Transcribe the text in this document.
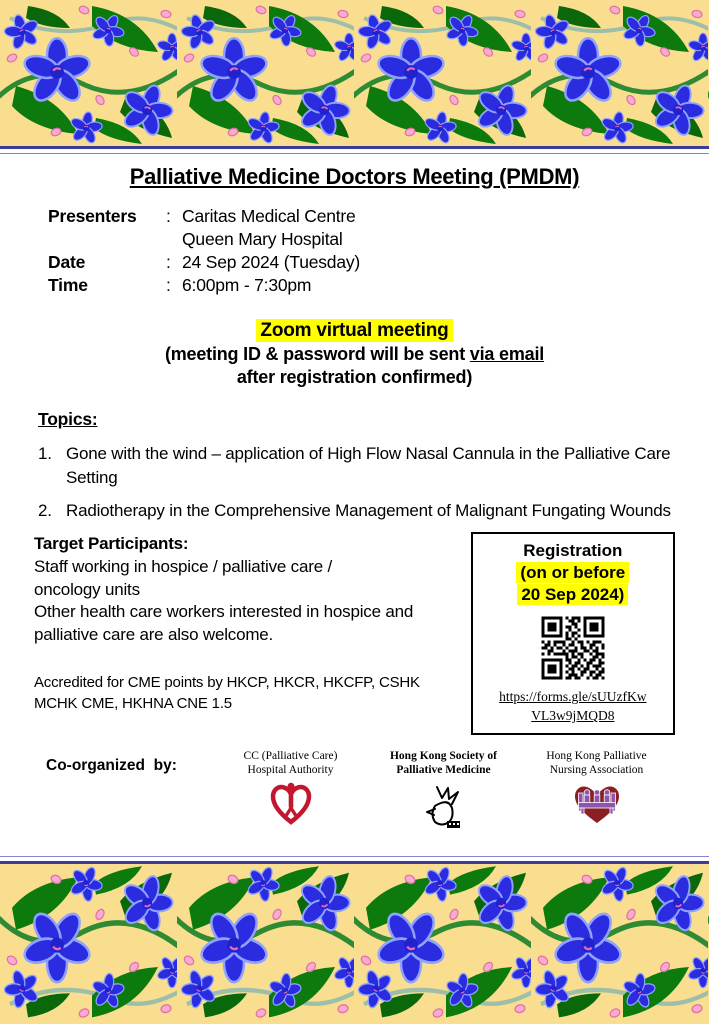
Palliative Medicine Doctors Meeting (PMDM)
Presenters	: Caritas Medical Centre
Queen Mary Hospital
Date	: 24 Sep 2024 (Tuesday)
Time	: 6:00pm - 7:30pm
Zoom virtual meeting
(meeting ID & password will be sent via email
after registration confirmed)
Topics:
1. Gone with the wind – application of High Flow Nasal Cannula in the Palliative Care Setting
2. Radiotherapy in the Comprehensive Management of Malignant Fungating Wounds
Target Participants:
Staff working in hospice / palliative care /
oncology units
Other health care workers interested in hospice and
palliative care are also welcome.
Accredited for CME points by HKCP, HKCR, HKCFP, CSHK
MCHK CME, HKHNA CNE 1.5
Registration
(on or before
20 Sep 2024)
https://forms.gle/sUUzfKw
VL3w9jMQD8
Co-organized  by:
CC (Palliative Care)
Hospital Authority
Hong Kong Society of
Palliative Medicine
Hong Kong Palliative
Nursing Association
